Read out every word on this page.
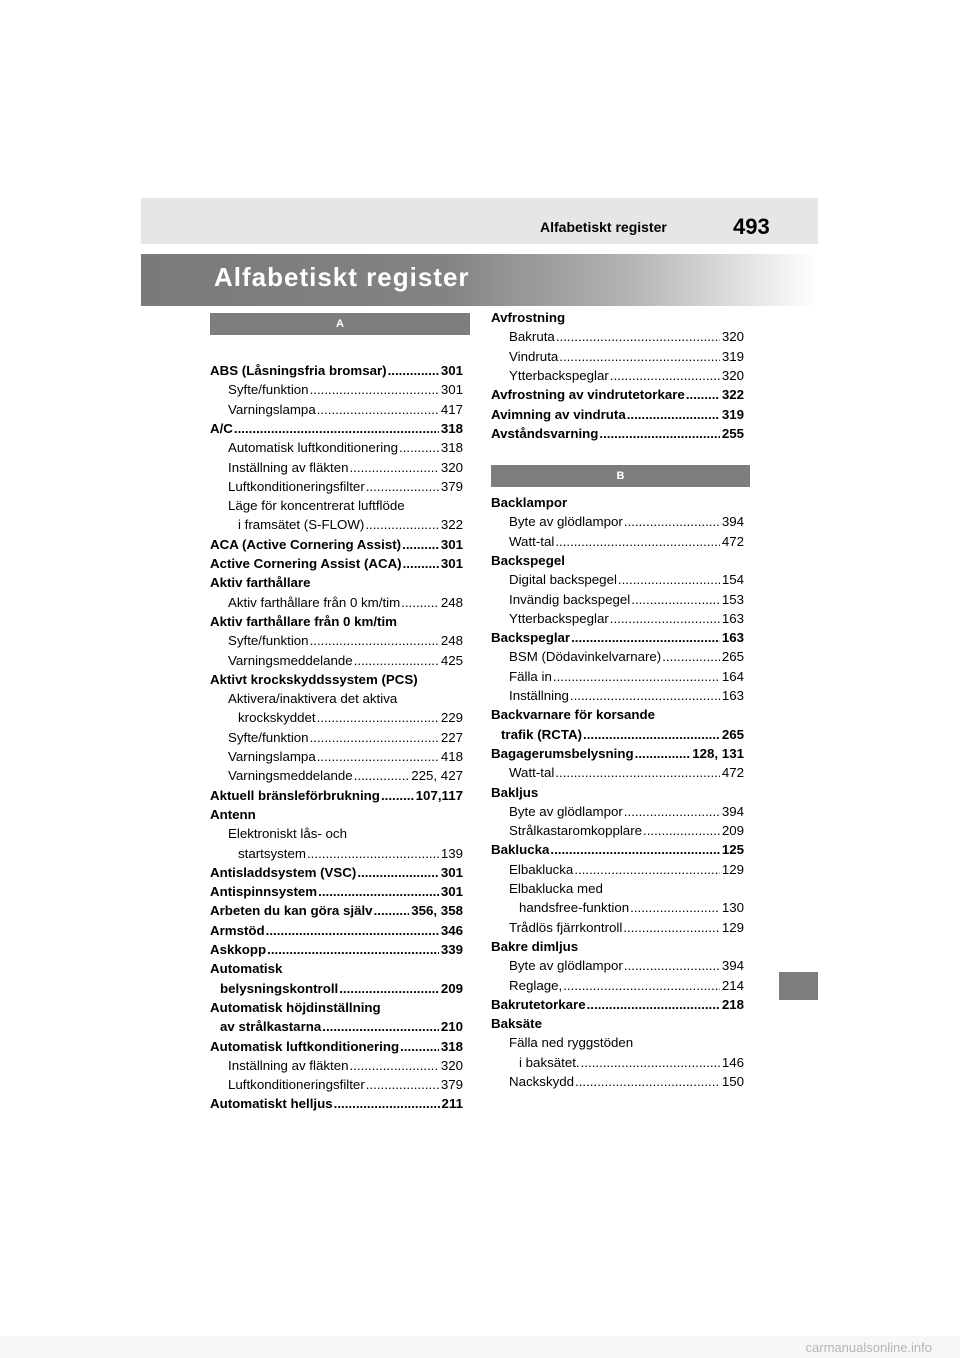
Alfabetiskt register	493
Alfabetiskt register
A
ABS (Låsningsfria bromsar) .....	301
Syfte/funktion .....	301
Varningslampa .....	417
A/C .....	318
Automatisk luftkonditionering .....	318
Inställning av fläkten .....	320
Luftkonditioneringsfilter .....	379
Läge för koncentrerat luftflöde
i framsätet (S-FLOW) .....	322
ACA (Active Cornering Assist) .....	301
Active Cornering Assist (ACA) .....	301
Aktiv farthållare
Aktiv farthållare från 0 km/tim .....	248
Aktiv farthållare från 0 km/tim
Syfte/funktion .....	248
Varningsmeddelande .....	425
Aktivt krockskyddssystem (PCS)
Aktivera/inaktivera det aktiva
krockskyddet .....	229
Syfte/funktion .....	227
Varningslampa .....	418
Varningsmeddelande .....	225, 427
Aktuell bränsleförbrukning .....	107,117
Antenn
Elektroniskt lås- och
startsystem .....	139
Antisladdsystem (VSC) .....	301
Antispinnsystem .....	301
Arbeten du kan göra själv .....	356, 358
Armstöd .....	346
Askkopp .....	339
Automatisk
belysningskontroll .....	209
Automatisk höjdinställning
av strålkastarna .....	210
Automatisk luftkonditionering .....	318
Inställning av fläkten .....	320
Luftkonditioneringsfilter .....	379
Automatiskt helljus .....	211
Avfrostning
Bakruta .....	320
Vindruta .....	319
Ytterbackspeglar .....	320
Avfrostning av vindrutetorkare .....	322
Avimning av vindruta .....	319
Avståndsvarning .....	255
B
Backlampor
Byte av glödlampor .....	394
Watt-tal .....	472
Backspegel
Digital backspegel .....	154
Invändig backspegel .....	153
Ytterbackspeglar .....	163
Backspeglar .....	163
BSM (Dödavinkelvarnare) .....	265
Fälla in .....	164
Inställning .....	163
Backvarnare för korsande
trafik (RCTA) .....	265
Bagagerumsbelysning .....	128, 131
Watt-tal .....	472
Bakljus
Byte av glödlampor .....	394
Strålkastaromkopplare .....	209
Baklucka .....	125
Elbaklucka .....	129
Elbaklucka med
handsfree-funktion .....	130
Trådlös fjärrkontroll .....	129
Bakre dimljus
Byte av glödlampor .....	394
Reglage, .....	214
Bakrutetorkare .....	218
Baksäte
Fälla ned ryggstöden
i baksätet. .....	146
Nackskydd .....	150
carmanualsonline.info
